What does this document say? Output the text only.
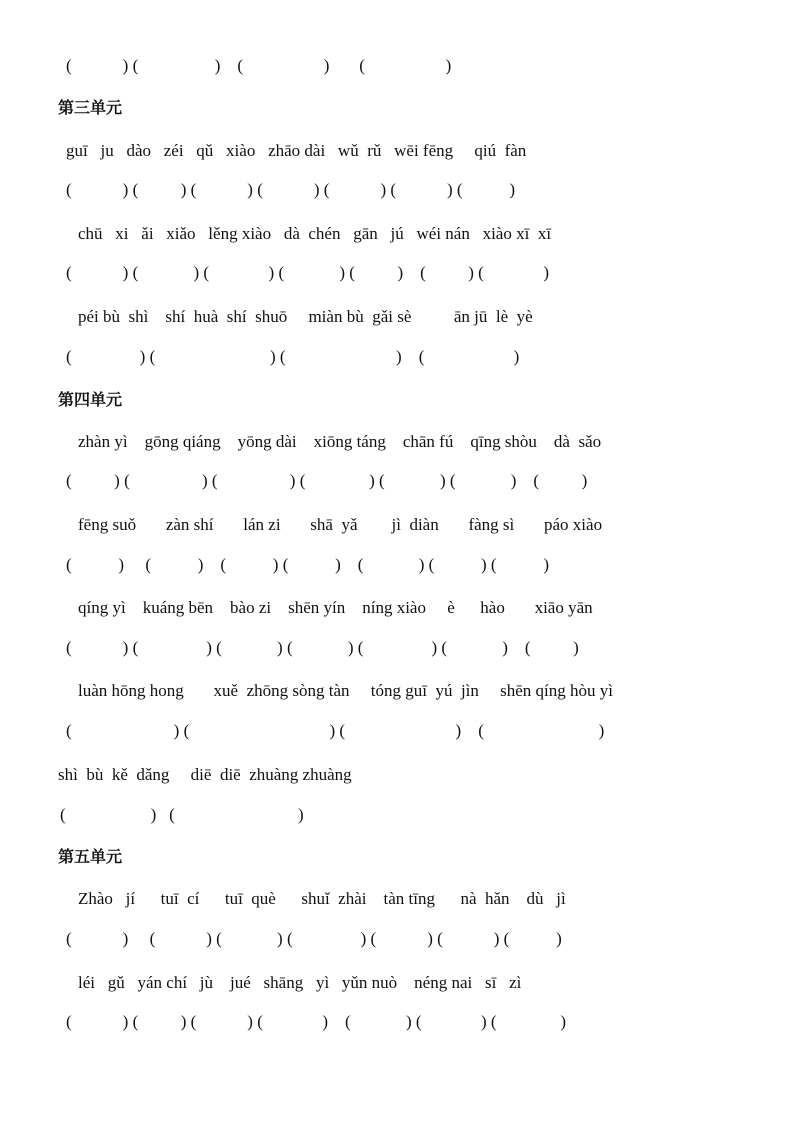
(            ) (                  )    (                   )       (                   )
第三单元
guī   ju   dào   zéi   qǔ   xiào   zhāo dài   wǔ  rǔ   wēi fēng     qiú  fàn
(            ) (          ) (            ) (            ) (            ) (            ) (           )
chū   xi   ǎi   xiǎo   lěng xiào   dà  chén   gān   jú   wéi nán   xiào xī  xī
(            ) (             ) (              ) (             ) (          )    (          ) (              )
péi bù  shì    shí  huà  shí  shuō     miàn bù  gǎi sè          ān jū  lè  yè
(                ) (                           ) (                          )    (                     )
第四单元
zhàn yì    gōng qiáng    yōng dài    xiōng táng    chān fú    qīng shòu    dà  sǎo
(          ) (                 ) (                 ) (               ) (             ) (             )    (          )
fēng suǒ       zàn shí       lán zi       shā  yǎ        jì  diàn       fàng sì       páo xiào
(           )     (           )    (           ) (           )    (             ) (           ) (           )
qíng yì    kuáng bēn    bào zi    shēn yín    níng xiào     è      hào       xiāo yān
(            ) (                ) (             ) (             ) (                ) (             )    (          )
luàn hōng hong       xuě  zhōng sòng tàn     tóng guī  yú  jìn     shēn qíng hòu yì
(                        ) (                                 ) (                          )    (                           )
shì  bù  kě  dǎng     diē  diē  zhuàng zhuàng
(                    )   (                             )
第五单元
Zhào   jí      tuī  cí      tuī  què      shuǐ  zhài    tàn tīng      nà  hǎn    dù   jì
(            )     (            ) (             ) (                ) (            ) (            ) (           )
léi   gǔ   yán chí   jù    jué   shāng   yì   yǔn nuò    néng nai   sī   zì
(            ) (          ) (            ) (              )    (             ) (              ) (               )
